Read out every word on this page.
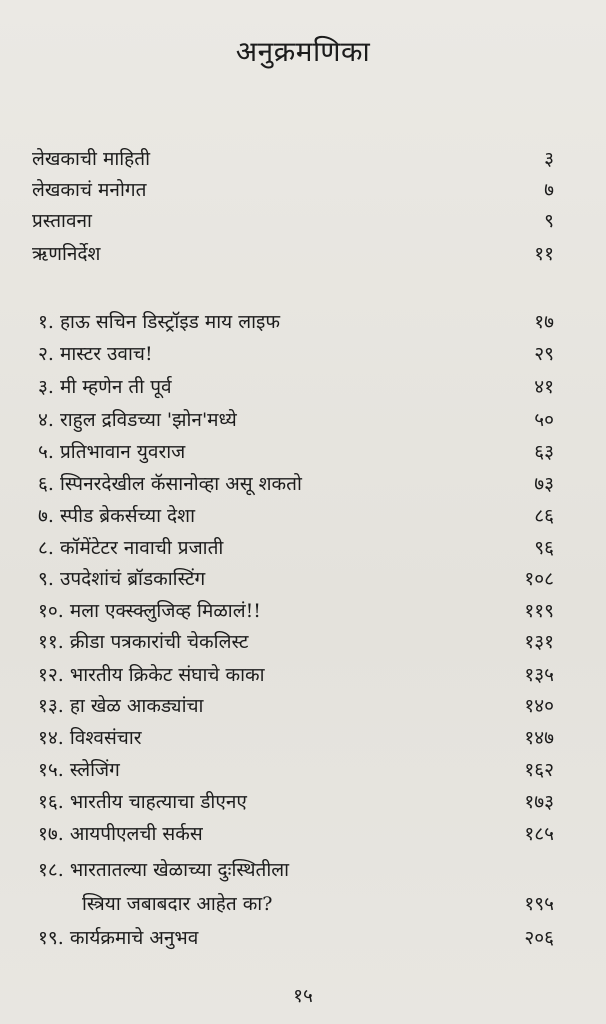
अनुक्रमणिका
लेखकाची माहिती	३
लेखकाचं मनोगत	७
प्रस्तावना	९
ऋणनिर्देश	११
१. हाऊ सचिन डिस्ट्रॉइड माय लाइफ	१७
२. मास्टर उवाच!	२९
३. मी म्हणेन ती पूर्व	४१
४. राहुल द्रविडच्या 'झोन'मध्ये	५०
५. प्रतिभावान युवराज	६३
६. स्पिनरदेखील कॅसानोव्हा असू शकतो	७३
७. स्पीड ब्रेकर्सच्या देशा	८६
८. कॉमेंटेटर नावाची प्रजाती	९६
९. उपदेशांचं ब्रॉडकास्टिंग	१०८
१०. मला एक्स्क्लुजिव्ह मिळालं!!	११९
११. क्रीडा पत्रकारांची चेकलिस्ट	१३१
१२. भारतीय क्रिकेट संघाचे काका	१३५
१३. हा खेळ आकड्यांचा	१४०
१४. विश्वसंचार	१४७
१५. स्लेजिंग	१६२
१६. भारतीय चाहत्याचा डीएनए	१७३
१७. आयपीएलची सर्कस	१८५
१८. भारतातल्या खेळाच्या दुःस्थितीला
स्त्रिया जबाबदार आहेत का?	१९५
१९. कार्यक्रमाचे अनुभव	२०६
१५
